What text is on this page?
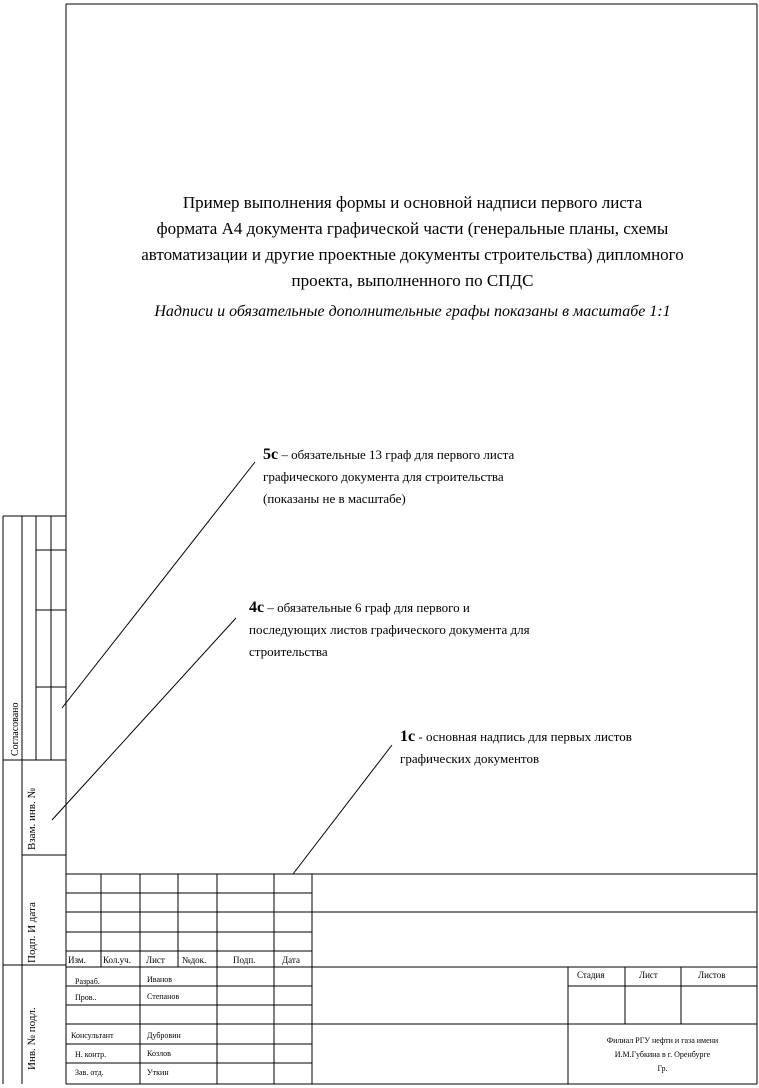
Пример выполнения формы и основной надписи первого листа
формата А4 документа графической части (генеральные планы, схемы
автоматизации и другие проектные документы строительства) дипломного
проекта, выполненного по СПДС
Надписи и обязательные дополнительные графы показаны в масштабе 1:1
5с – обязательные 13 граф для первого листа
графического документа для строительства
(показаны не в масштабе)
4с – обязательные 6 граф для первого и
последующих листов графического документа для
строительства
1с - основная надпись для первых листов
графических документов
Согласовано
Взам. инв. №
Подп. И дата
Инв. № подл.
Изм. Кол.уч. Лист №док.	Подп.	Дата
Разраб.	Иванов
Пров..	Степанов
Консультант	Дубровин
Н. контр.	Козлов
Зав. отд.	Уткин
Стадия	Лист	Листов
Филиал РГУ нефти и газа имени
И.М.Губкина в г. Оренбурге
Гр.
